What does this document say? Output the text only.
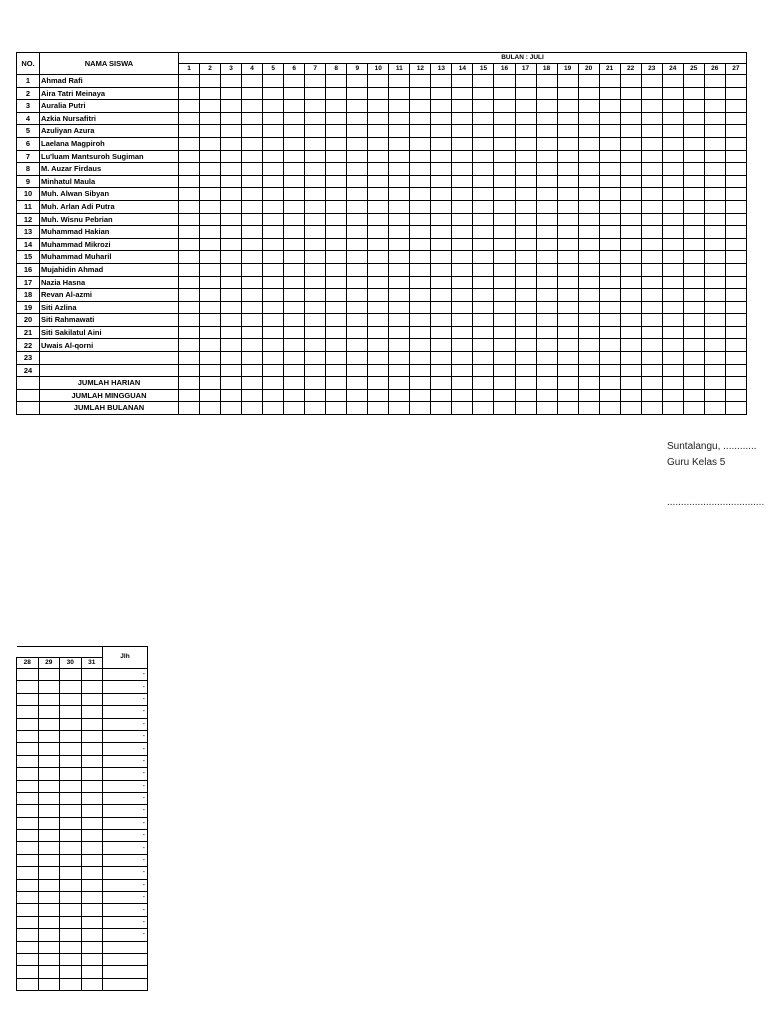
NO.	NAMA SISWA	BULAN : JULI																										
		1	2	3	4	5	6	7	8	9	10	11	12	13	14	15	16	17	18	19	20	21	22	23	24	25	26	27
1	Ahmad Rafi																											
2	Aira Tatri Meinaya																											
3	Auralia Putri																											
4	Azkia Nursafitri																											
5	Azuliyan Azura																											
6	Laelana Magpiroh																											
7	Lu'luam Mantsuroh Sugiman																											
8	M. Auzar Firdaus																											
9	Minhatul Maula																											
10	Muh. Alwan Sibyan																											
11	Muh. Arlan Adi Putra																											
12	Muh. Wisnu Pebrian																											
13	Muhammad Hakian																											
14	Muhammad Mikrozi																											
15	Muhammad Muharil																											
16	Mujahidin Ahmad																											
17	Nazia Hasna																											
18	Revan Al-azmi																											
19	Siti Azlina																											
20	Siti Rahmawati																											
21	Siti Sakilatul Aini																											
22	Uwais Al-qorni																											
23																												
24																												
	JUMLAH HARIAN																											
	JUMLAH MINGGUAN																											
	JUMLAH BULANAN																											
				Jlh
28	29	30	31	
				-
				-
				-
				-
				-
				-
				-
				-
				-
				-
				-
				-
				-
				-
				-
				-
				-
				-
				-
				-
				-
				-

Suntalangu, ............
Guru Kelas 5
...................................
